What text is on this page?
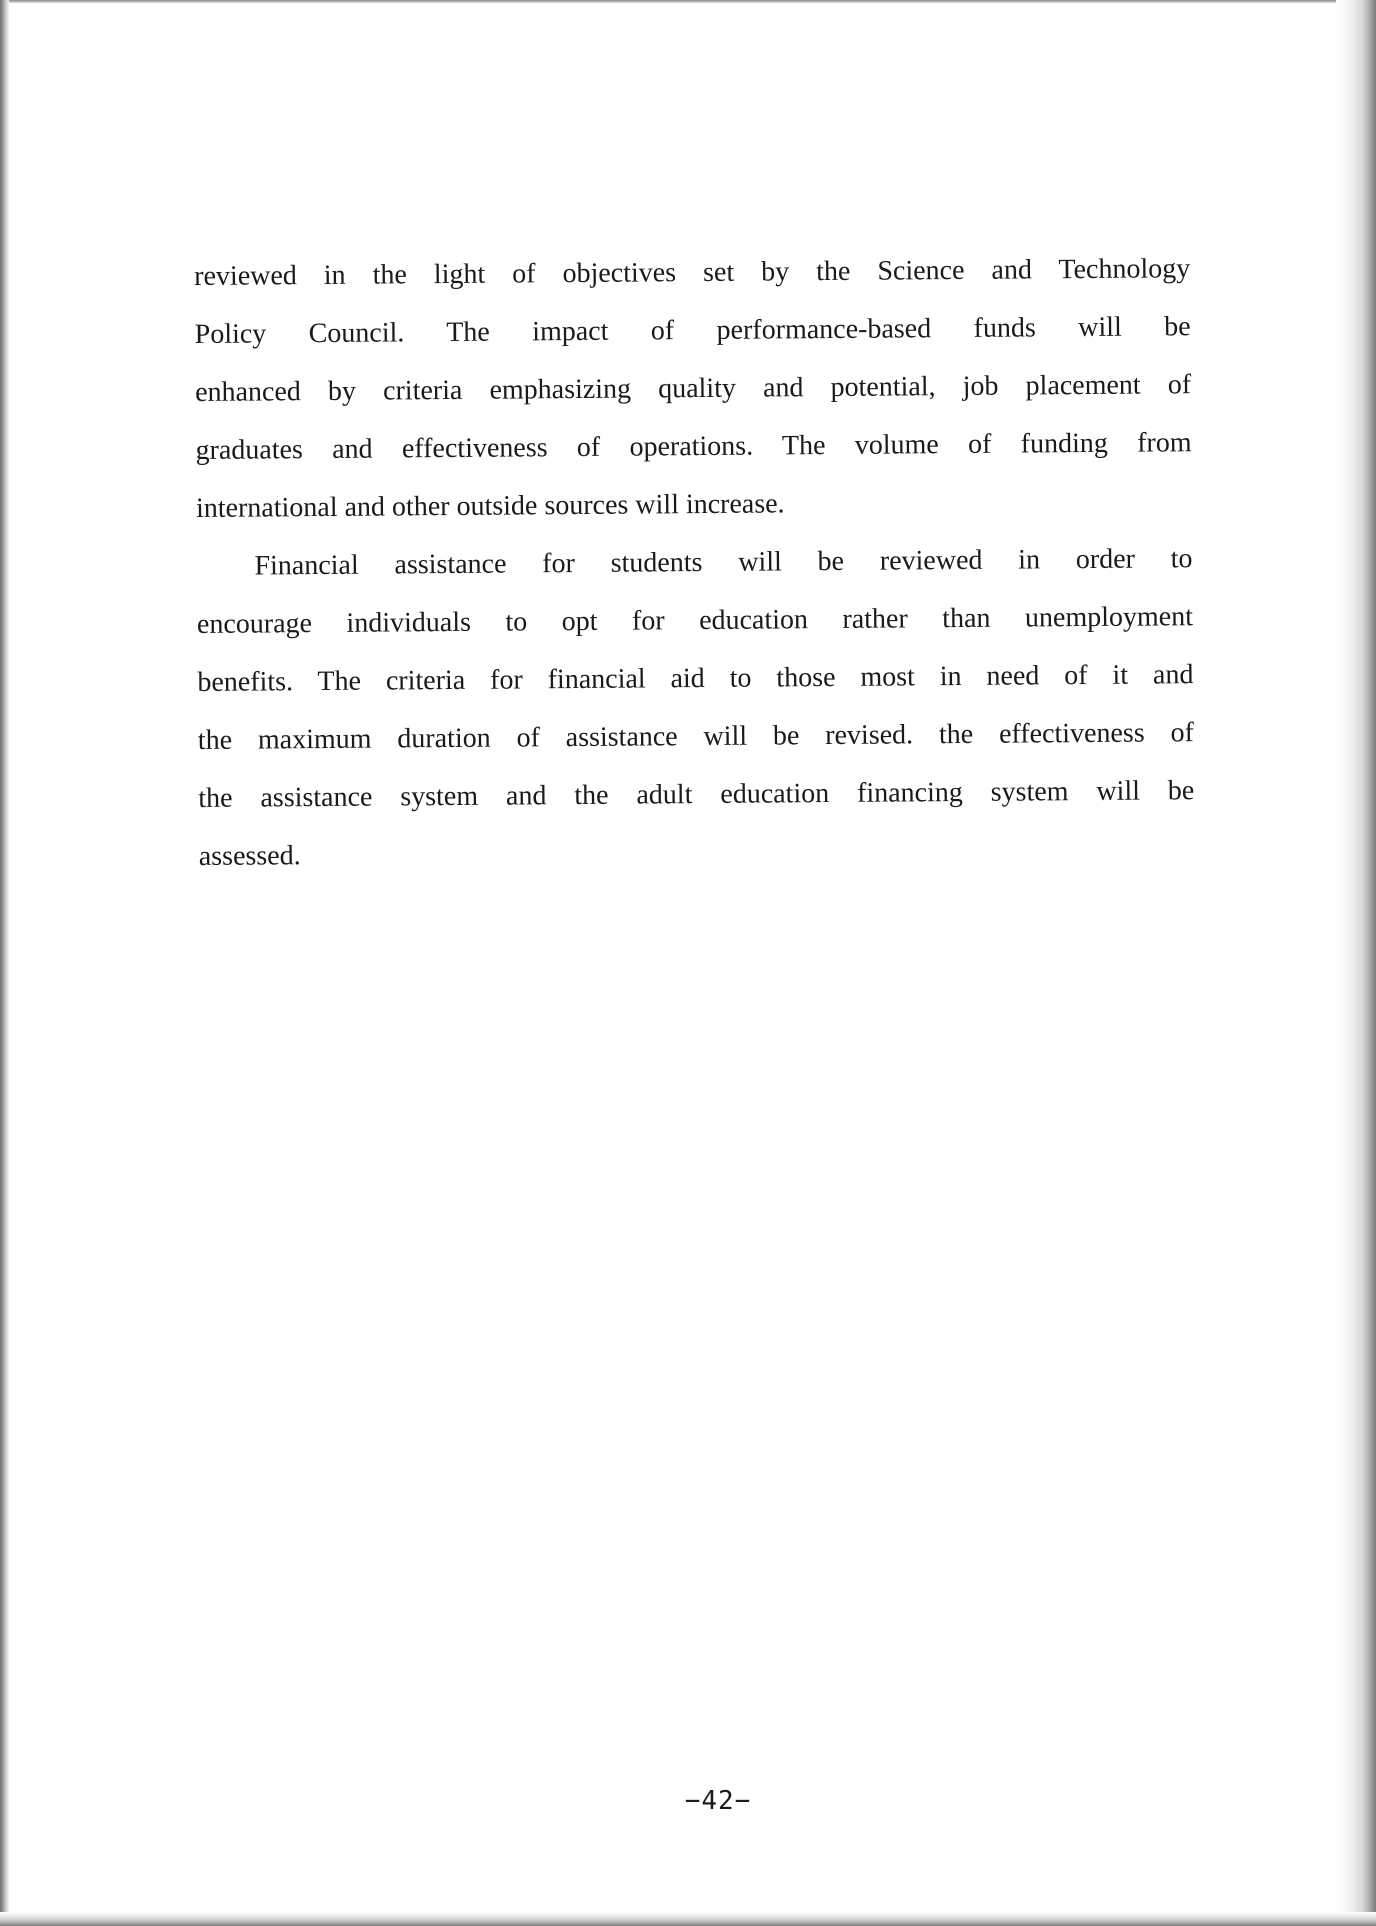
reviewed in the light of objectives set by the Science and Technology
Policy Council. The impact of performance-based funds will be
enhanced by criteria emphasizing quality and potential, job placement of
graduates and effectiveness of operations. The volume of funding from
international and other outside sources will increase.
Financial assistance for students will be reviewed in order to
encourage individuals to opt for education rather than unemployment
benefits. The criteria for financial aid to those most in need of it and
the maximum duration of assistance will be revised. the effectiveness of
the assistance system and the adult education financing system will be
assessed.
−42−
